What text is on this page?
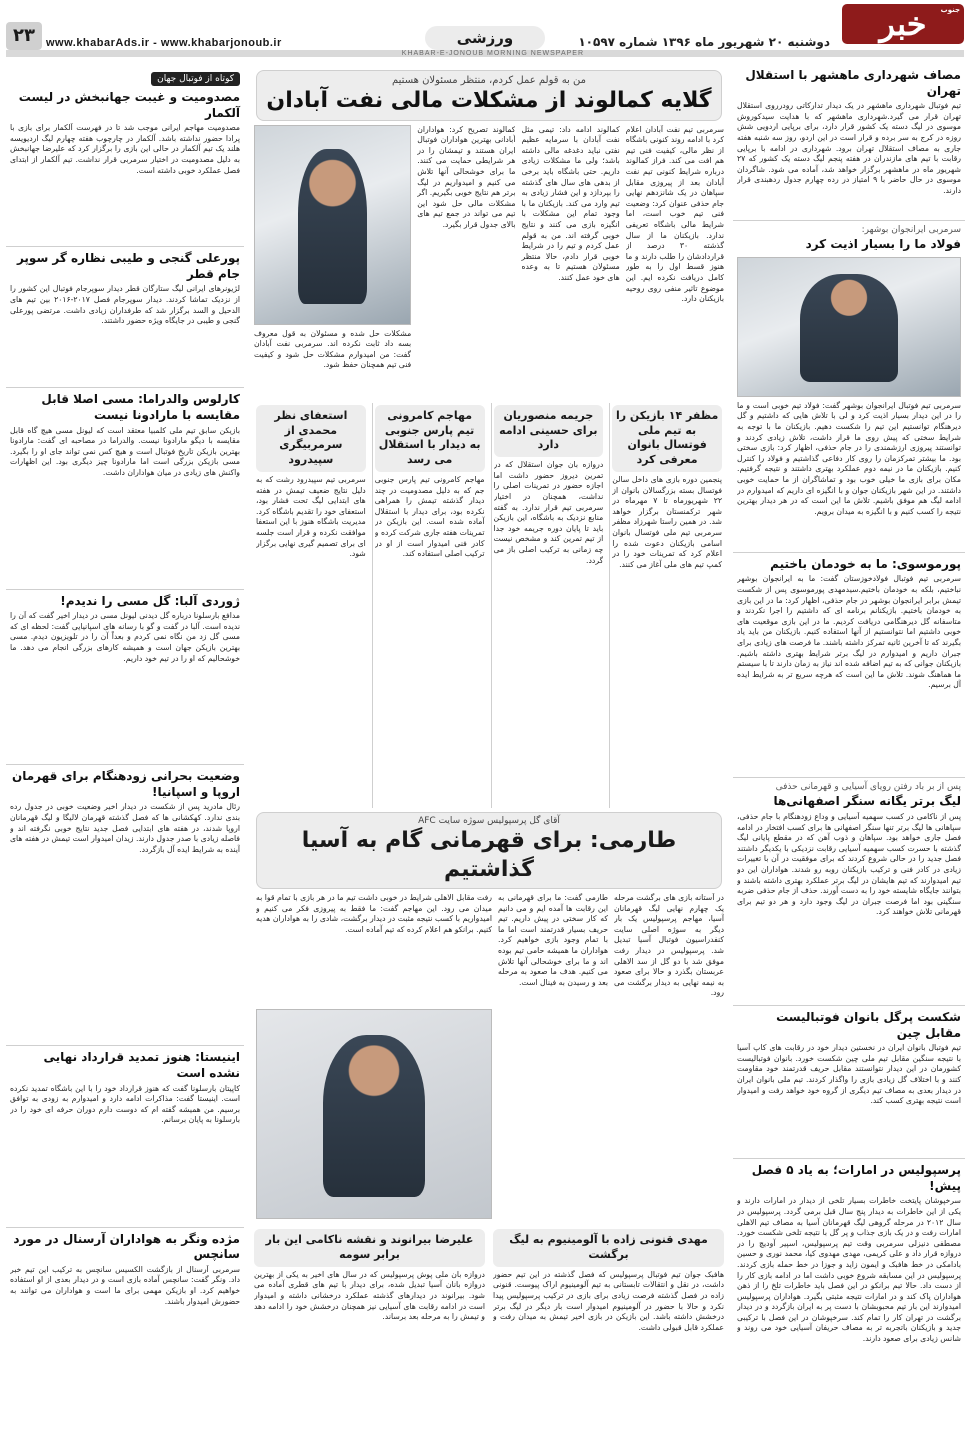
جنوب
خبر
دوشنبه ۲۰ شهریور ماه ۱۳۹۶ شماره ۱۰۵۹۷
ورزشی
www.khabarAds.ir - www.khabarjonoub.ir
۲۳
KHABAR-E-JONOUB MORNING NEWSPAPER
مصاف شهرداری ماهشهر با استقلال تهران
تیم فوتبال شهرداری ماهشهر در یک دیدار تدارکاتی رودرروی استقلال تهران قرار می گیرد.شهرداری ماهشهر که با هدایت سیدکوروش موسوی در لیگ دسته یک کشور قرار دارد، برای برپایی اردویی شش روزه در کرج به سر برده و قرار است در این اردو، روز سه شنبه هفته جاری به مصاف استقلال تهران برود. شهرداری در ادامه با برپایی رقابت با تیم های مازندران در هفته پنجم لیگ دسته یک کشور که ۲۷ شهریور ماه در ماهشهر برگزار خواهد شد، آماده می شود. شاگردان موسوی در حال حاضر با ۹ امتیاز در رده چهارم جدول ردهبندی قرار دارند.
سرمربی ایرانجوان بوشهر:
فولاد ما را بسیار اذیت کرد
سرمربی تیم فوتبال ایرانجوان بوشهر گفت: فولاد تیم خوبی است و ما را در این دیدار بسیار اذیت کرد و لی با تلاش هایی که داشتیم و گل دیرهنگام توانستیم این تیم را شکست دهیم. بازیکنان ما با توجه به شرایط سختی که پیش روی ما قرار داشت، تلاش زیادی کردند و توانستند پیروزی ارزشمندی را در جام حذفی، اظهار کرد: بازی سختی بود. ما بیشتر تمرکزمان را روی کار دفاعی گذاشتیم و فولاد را کنترل کنیم. بازیکنان ما در نیمه دوم عملکرد بهتری داشتند و نتیجه گرفتیم. مکان برای بازی ما خیلی خوب بود و تماشاگران از ما حمایت خوبی داشتند. در این شهر بازیکنان جوان و با انگیزه ای داریم که امیدوارم در ادامه لیگ هم موفق باشیم. تلاش ما این است که در هر دیدار بهترین نتیجه را کسب کنیم و با انگیزه به میدان برویم.
پورموسوی: ما به خودمان باختیم
سرمربی تیم فوتبال فولادخوزستان گفت: ما به ایرانجوان بوشهر نباختیم، بلکه به خودمان باختیم.سیدمهدی پورموسوی پس از شکست تیمش برابر ایرانجوان بوشهر در جام حذفی، اظهار کرد: ما در این بازی به خودمان باختیم. بازیکنانم برنامه ای که داشتیم را اجرا نکردند و متاسفانه گل دیرهنگامی دریافت کردیم. ما در این بازی موقعیت های خوبی داشتیم اما نتوانستیم از آنها استفاده کنیم. بازیکنان من باید یاد بگیرند که تا آخرین ثانیه تمرکز داشته باشند. ما فرصت های زیادی برای جبران داریم و امیدوارم در لیگ برتر شرایط بهتری داشته باشیم. بازیکنان جوانی که به تیم اضافه شده اند نیاز به زمان دارند تا با سیستم ما هماهنگ شوند. تلاش ما این است که هرچه سریع تر به شرایط ایده آل برسیم.
پس از بر باد رفتن رویای آسیایی و قهرمانی حذفی
لیگ برتر یگانه سنگر اصفهانی‌ها
پس از ناکامی در کسب سهمیه آسیایی و وداع زودهنگام با جام حذفی، سپاهانی ها لیگ برتر تنها سنگر اصفهانی ها برای کسب افتخار در ادامه فصل جاری خواهد بود. سپاهان و ذوب آهن که در مقطع پایانی لیگ گذشته با حسرت کسب سهمیه آسیایی رقابت نزدیکی با یکدیگر داشتند فصل جدید را در حالی شروع کردند که برای موفقیت در آن با تغییرات زیادی در کادر فنی و ترکیب بازیکنان روبه رو شدند. هواداران این دو تیم امیدوارند که تیم هایشان در لیگ برتر عملکرد بهتری داشته باشند و بتوانند جایگاه شایسته خود را به دست آورند. حذف از جام حذفی ضربه سنگینی بود اما فرصت جبران در لیگ وجود دارد و هر دو تیم برای قهرمانی تلاش خواهند کرد.
شکست پرگل بانوان فوتبالیست مقابل چین
تیم فوتبال بانوان ایران در نخستین دیدار خود در رقابت های کاپ آسیا با نتیجه سنگین مقابل تیم ملی چین شکست خورد. بانوان فوتبالیست کشورمان در این دیدار نتوانستند مقابل حریف قدرتمند خود مقاومت کنند و با اختلاف گل زیادی بازی را واگذار کردند. تیم ملی بانوان ایران در دیدار بعدی به مصاف تیم دیگری از گروه خود خواهد رفت و امیدوار است نتیجه بهتری کسب کند.
پرسپولیس در امارات؛ به یاد ۵ فصل پیش!
سرخپوشان پایتخت خاطرات بسیار تلخی از دیدار در امارات دارند و یکی از این خاطرات به دیدار پنج سال قبل برمی گردد. پرسپولیس در سال ۲۰۱۲ در مرحله گروهی لیگ قهرمانان آسیا به مصاف تیم الاهلی امارات رفت و در یک بازی جذاب و پر گل با نتیجه تلخی شکست خورد. مصطفی دنیزلی سرمربی وقت تیم پرسپولیس، اسپیر آودیچ را در دروازه قرار داد و علی کریمی، مهدی مهدوی کیا، محمد نوری و حسین بادامکی در خط هافبک و ایمون زاید و جوزا در خط حمله بازی کردند. پرسپولیس در این مسابقه شروع خوبی داشت اما در ادامه بازی کار را از دست داد. حالا تیم برانکو در این فصل باید خاطرات تلخ را از ذهن هواداران پاک کند و در امارات نتیجه مثبتی بگیرد. هواداران پرسپولیس امیدوارند این بار تیم محبوبشان با دست پر به ایران بازگردد و در دیدار برگشت در تهران کار را تمام کند. سرخپوشان در این فصل با ترکیبی جدید و بازیکنان باتجربه تر به مصاف حریفان آسیایی خود می روند و شانس زیادی برای صعود دارند.
من به قولم عمل کردم، منتظر مسئولان هستیم
گلایه کمالوند از مشکلات مالی نفت آبادان
سرمربی تیم نفت آبادان اعلام کرد با ادامه روند کنونی باشگاه از نظر مالی، کیفیت فنی تیم هم افت می کند. فراز کمالوند درباره شرایط کنونی تیم نفت آبادان بعد از پیروزی مقابل سپاهان در یک شانزدهم نهایی جام حذفی عنوان کرد: وضعیت فنی تیم خوب است، اما شرایط مالی باشگاه تعریفی ندارد. بازیکنان ما از سال گذشته ۳۰ درصد از قراردادشان را طلب دارند و ما هنوز قسط اول را به طور کامل دریافت نکرده ایم. این موضوع تاثیر منفی روی روحیه بازیکنان دارد.
کمالوند ادامه داد: تیمی مثل نفت آبادان با سرمایه عظیم نفتی نباید دغدغه مالی داشته باشد؛ ولی ما مشکلات زیادی داریم. حتی باشگاه باید برخی از بدهی های سال های گذشته را بپردازد و این فشار زیادی به تیم وارد می کند. بازیکنان ما با وجود تمام این مشکلات با انگیزه بازی می کنند و نتایج خوبی گرفته اند. من به قولم عمل کردم و تیم را در شرایط خوبی قرار دادم، حالا منتظر مسئولان هستیم تا به وعده های خود عمل کنند.
کمالوند تصریح کرد: هواداران آبادانی بهترین هواداران فوتبال ایران هستند و تیمشان را در هر شرایطی حمایت می کنند. ما برای خوشحالی آنها تلاش می کنیم و امیدواریم در لیگ برتر هم نتایج خوبی بگیریم. اگر مشکلات مالی حل شود این تیم می تواند در جمع تیم های بالای جدول قرار بگیرد.
مشکلات حل شده و مسئولان به قول معروف بسه داد ثابت نکرده اند. سرمربی نفت آبادان گفت: من امیدوارم مشکلات حل شود و کیفیت فنی تیم همچنان حفظ شود.
مظفر ۱۴ بازیکن را به تیم ملی فوتسال بانوان معرفی کرد
پنجمین دوره بازی های داخل سالن فوتسال بسته بزرگسالان بانوان از ۲۲ شهریورماه تا ۷ مهرماه در شهر ترکمنستان برگزار خواهد شد. در همین راستا شهرزاد مظفر سرمربی تیم ملی فوتسال بانوان اسامی بازیکنان دعوت شده را اعلام کرد که تمرینات خود را در کمپ تیم های ملی آغاز می کنند.
جریمه منصوریان برای حسینی ادامه دارد
دروازه بان جوان استقلال که در تمرین دیروز حضور داشت اما اجازه حضور در تمرینات اصلی را نداشت، همچنان در اختیار سرمربی تیم قرار ندارد. به گفته منابع نزدیک به باشگاه، این بازیکن باید تا پایان دوره جریمه خود جدا از تیم تمرین کند و مشخص نیست چه زمانی به ترکیب اصلی باز می گردد.
مهاجم کامرونی تیم پارس جنوبی به دیدار با استقلال می رسد
مهاجم کامرونی تیم پارس جنوبی جم که به دلیل مصدومیت در چند دیدار گذشته تیمش را همراهی نکرده بود، برای دیدار با استقلال آماده شده است. این بازیکن در تمرینات هفته جاری شرکت کرده و کادر فنی امیدوار است از او در ترکیب اصلی استفاده کند.
استعفای نظر محمدی از سرمربیگری سپیدرود
سرمربی تیم سپیدرود رشت که به دلیل نتایج ضعیف تیمش در هفته های ابتدایی لیگ تحت فشار بود، استعفای خود را تقدیم باشگاه کرد. مدیریت باشگاه هنوز با این استعفا موافقت نکرده و قرار است جلسه ای برای تصمیم گیری نهایی برگزار شود.
آقای گل پرسپولیس سوژه سایت AFC
طارمی: برای قهرمانی گام به آسیا گذاشتیم
در آستانه بازی های برگشت مرحله یک چهارم نهایی لیگ قهرمانان آسیا، مهاجم پرسپولیس یک بار دیگر به سوژه اصلی سایت کنفدراسیون فوتبال آسیا تبدیل شد. پرسپولیس در دیدار رفت موفق شد با دو گل از سد الاهلی عربستان بگذرد و حالا برای صعود به نیمه نهایی به دیدار برگشت می رود.
طارمی گفت: ما برای قهرمانی به این رقابت ها آمده ایم و می دانیم که کار سختی در پیش داریم. تیم حریف بسیار قدرتمند است اما ما با تمام وجود بازی خواهیم کرد. هواداران ما همیشه حامی تیم بوده اند و ما برای خوشحالی آنها تلاش می کنیم. هدف ما صعود به مرحله بعد و رسیدن به فینال است.
رفت مقابل الاهلی شرایط در خوبی داشت تیم ما در هر بازی با تمام قوا به میدان می رود. این مهاجم گفت: ما فقط به پیروزی فکر می کنیم و امیدواریم با کسب نتیجه مثبت در دیدار برگشت، شادی را به هواداران هدیه کنیم. برانکو هم اعلام کرده که تیم آماده است.
مهدی قنونی زاده با آلومینیوم به لیگ برگشت
هافبک جوان تیم فوتبال پرسپولیس که فصل گذشته در این تیم حضور داشت، در نقل و انتقالات تابستانی به تیم آلومینیوم اراک پیوست. قنونی زاده در فصل گذشته فرصت زیادی برای بازی در ترکیب پرسپولیس پیدا نکرد و حالا با حضور در آلومینیوم امیدوار است بار دیگر در لیگ برتر درخشش داشته باشد. این بازیکن در بازی اخیر تیمش به میدان رفت و عملکرد قابل قبولی داشت.
علیرضا بیرانوند و نقشه ناکامی این بار برابر سومه
دروازه بان ملی پوش پرسپولیس که در سال های اخیر به یکی از بهترین دروازه بانان آسیا تبدیل شده، برای دیدار با تیم های قطری آماده می شود. بیرانوند در دیدارهای گذشته عملکرد درخشانی داشته و امیدوار است در ادامه رقابت های آسیایی نیز همچنان درخشش خود را ادامه دهد و تیمش را به مرحله بعد برساند.
کوتاه از فوتبال جهان
مصدومیت و غیبت جهانبخش در لیست آلکمار
مصدومیت مهاجم ایرانی موجب شد تا در فهرست آلکمار برای بازی با پرادا حضور نداشته باشد. آلکمار در چارچوب هفته چهارم لیگ اردیویسه هلند یک تیم آلکمار در حالی این بازی را برگزار کرد که علیرضا جهانبخش به دلیل مصدومیت در اختیار سرمربی قرار نداشت. تیم آلکمار از ابتدای فصل عملکرد خوبی داشته است.
پورعلی گنجی و طیبی نظاره گر سوپر جام قطر
لژیونرهای ایرانی لیگ ستارگان قطر دیدار سوپرجام فوتبال این کشور را از نزدیک تماشا کردند. دیدار سوپرجام فصل ۲۰۱۷-۲۰۱۶ بین تیم های الدحیل و السد برگزار شد که طرفداران زیادی داشت. مرتضی پورعلی گنجی و طیبی در جایگاه ویژه حضور داشتند.
کارلوس والدراما: مسی اصلا قابل مقایسه با مارادونا نیست
بازیکن سابق تیم ملی کلمبیا معتقد است که لیونل مسی هیچ گاه قابل مقایسه با دیگو مارادونا نیست. والدراما در مصاحبه ای گفت: مارادونا بهترین بازیکن تاریخ فوتبال است و هیچ کس نمی تواند جای او را بگیرد. مسی بازیکن بزرگی است اما مارادونا چیز دیگری بود. این اظهارات واکنش های زیادی در میان هواداران داشت.
ژوردی آلبا: گل مسی را ندیدم!
مدافع بارسلونا درباره گل دیدنی لیونل مسی در دیدار اخیر گفت که آن را ندیده است. آلبا در گفت و گو با رسانه های اسپانیایی گفت: لحظه ای که مسی گل زد من نگاه نمی کردم و بعداً آن را در تلویزیون دیدم. مسی بهترین بازیکن جهان است و همیشه کارهای بزرگی انجام می دهد. ما خوشحالیم که او را در تیم خود داریم.
وضعیت بحرانی زودهنگام برای قهرمان اروپا و اسپانیا!
رئال مادرید پس از شکست در دیدار اخیر وضعیت خوبی در جدول رده بندی ندارد. کهکشانی ها که فصل گذشته قهرمان لالیگا و لیگ قهرمانان اروپا شدند، در هفته های ابتدایی فصل جدید نتایج خوبی نگرفته اند و فاصله زیادی با صدر جدول دارند. زیدان امیدوار است تیمش در هفته های آینده به شرایط ایده آل بازگردد.
اینیستا: هنوز تمدید قرارداد نهایی نشده است
کاپیتان بارسلونا گفت که هنوز قرارداد خود را با این باشگاه تمدید نکرده است. اینیستا گفت: مذاکرات ادامه دارد و امیدوارم به زودی به توافق برسیم. من همیشه گفته ام که دوست دارم دوران حرفه ای خود را در بارسلونا به پایان برسانم.
مژده ونگر به هواداران آرسنال در مورد سانچس
سرمربی آرسنال از بازگشت الکسیس سانچس به ترکیب این تیم خبر داد. ونگر گفت: سانچس آماده بازی است و در دیدار بعدی از او استفاده خواهیم کرد. او بازیکن مهمی برای ما است و هواداران می توانند به حضورش امیدوار باشند.
